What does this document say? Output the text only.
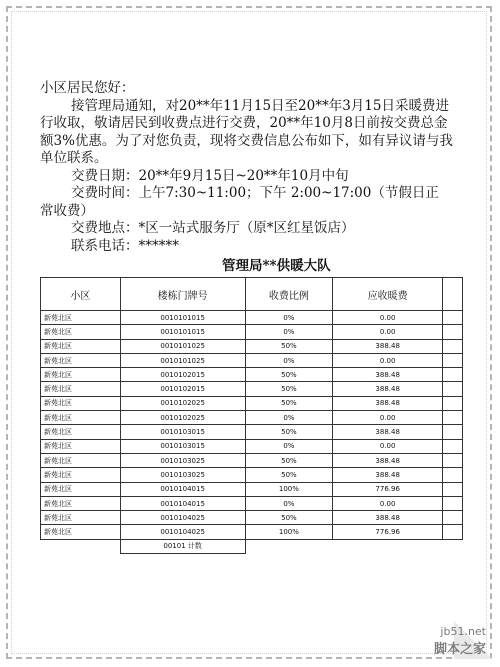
小区居民您好：

接管理局通知，对20**年11月15日至20**年3月15日采暖费进行收取，敬请居民到收费点进行交费，20**年10月8日前按交费总金额3%优惠。为了对您负责，现将交费信息公布如下，如有异议请与我单位联系。

交费日期：20**年9月15日~20**年10月中旬

交费时间：上午7:30~11:00；下午 2:00~17:00（节假日正

常收费）

交费地点：*区一站式服务厅（原*区红星饭店）

联系电话：******

管理局**供暖大队
小区	楼栋门牌号	收费比例	应收暖费	
新苑北区	0010101015	0%	0.00	
新苑北区	0010101015	0%	0.00	
新苑北区	0010101025	50%	388.48	
新苑北区	0010101025	0%	0.00	
新苑北区	0010102015	50%	388.48	
新苑北区	0010102015	50%	388.48	
新苑北区	0010102025	50%	388.48	
新苑北区	0010102025	0%	0.00	
新苑北区	0010103015	50%	388.48	
新苑北区	0010103015	0%	0.00	
新苑北区	0010103025	50%	388.48	
新苑北区	0010103025	50%	388.48	
新苑北区	0010104015	100%	776.96	
新苑北区	0010104015	0%	0.00	
新苑北区	0010104025	50%	388.48	
新苑北区	0010104025	100%	776.96	
	00101 计数			
jb51.net
脚本之家
